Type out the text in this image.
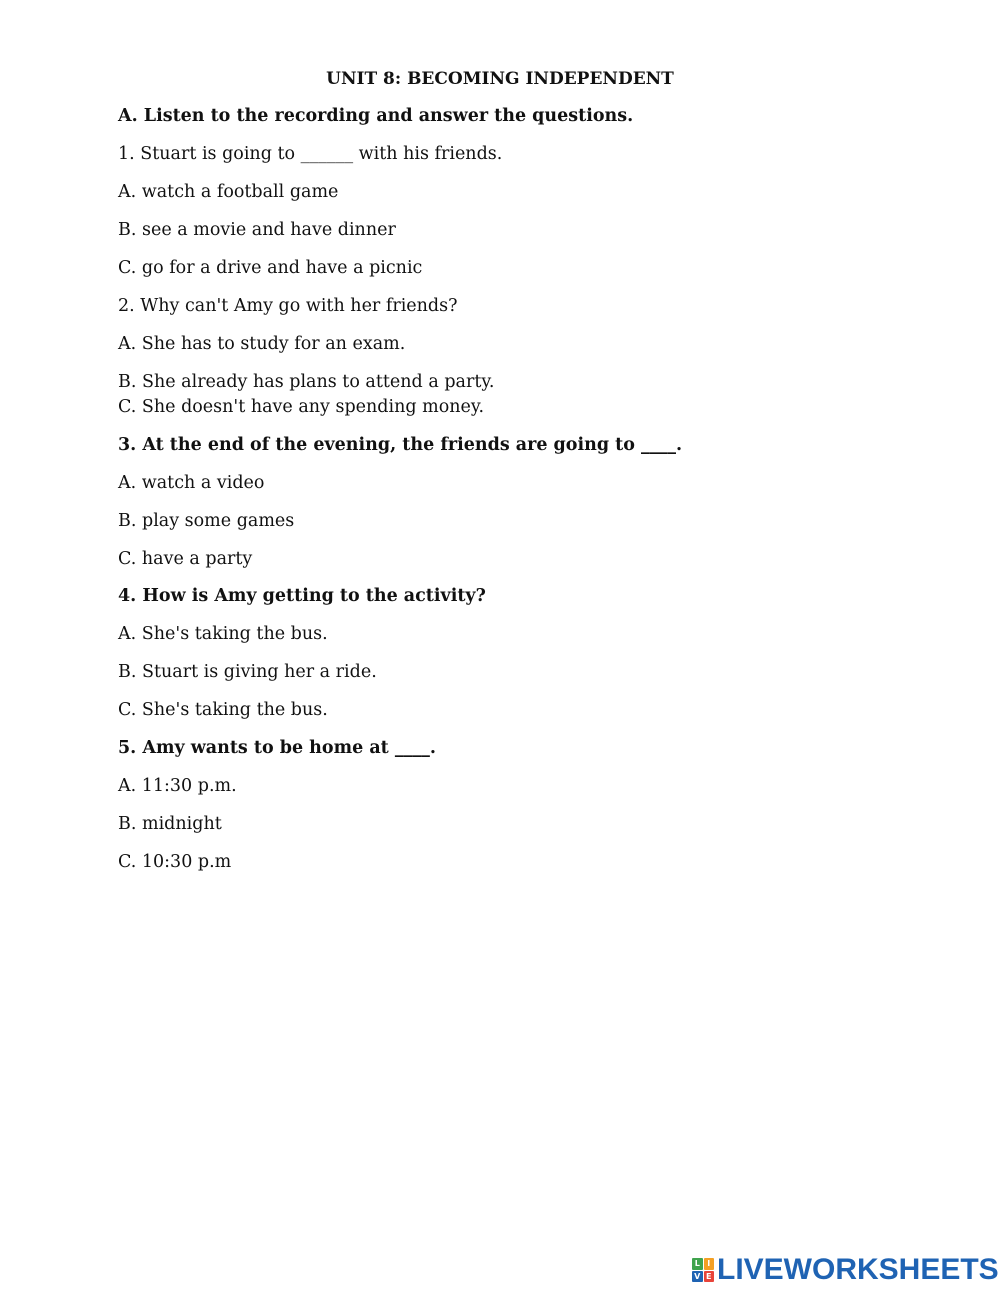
UNIT 8: BECOMING INDEPENDENT
A. Listen to the recording and answer the questions.
1. Stuart is going to ______ with his friends.
A. watch a football game
B. see a movie and have dinner
C. go for a drive and have a picnic
2. Why can't Amy go with her friends?
A. She has to study for an exam.
B. She already has plans to attend a party.
C. She doesn't have any spending money.
3. At the end of the evening, the friends are going to ____.
A. watch a video
B. play some games
C. have a party
4. How is Amy getting to the activity?
A. She's taking the bus.
B. Stuart is giving her a ride.
C. She's taking the bus.
5. Amy wants to be home at ____.
A. 11:30 p.m.
B. midnight
C. 10:30 p.m
L I
V E LIVEWORKSHEETS
